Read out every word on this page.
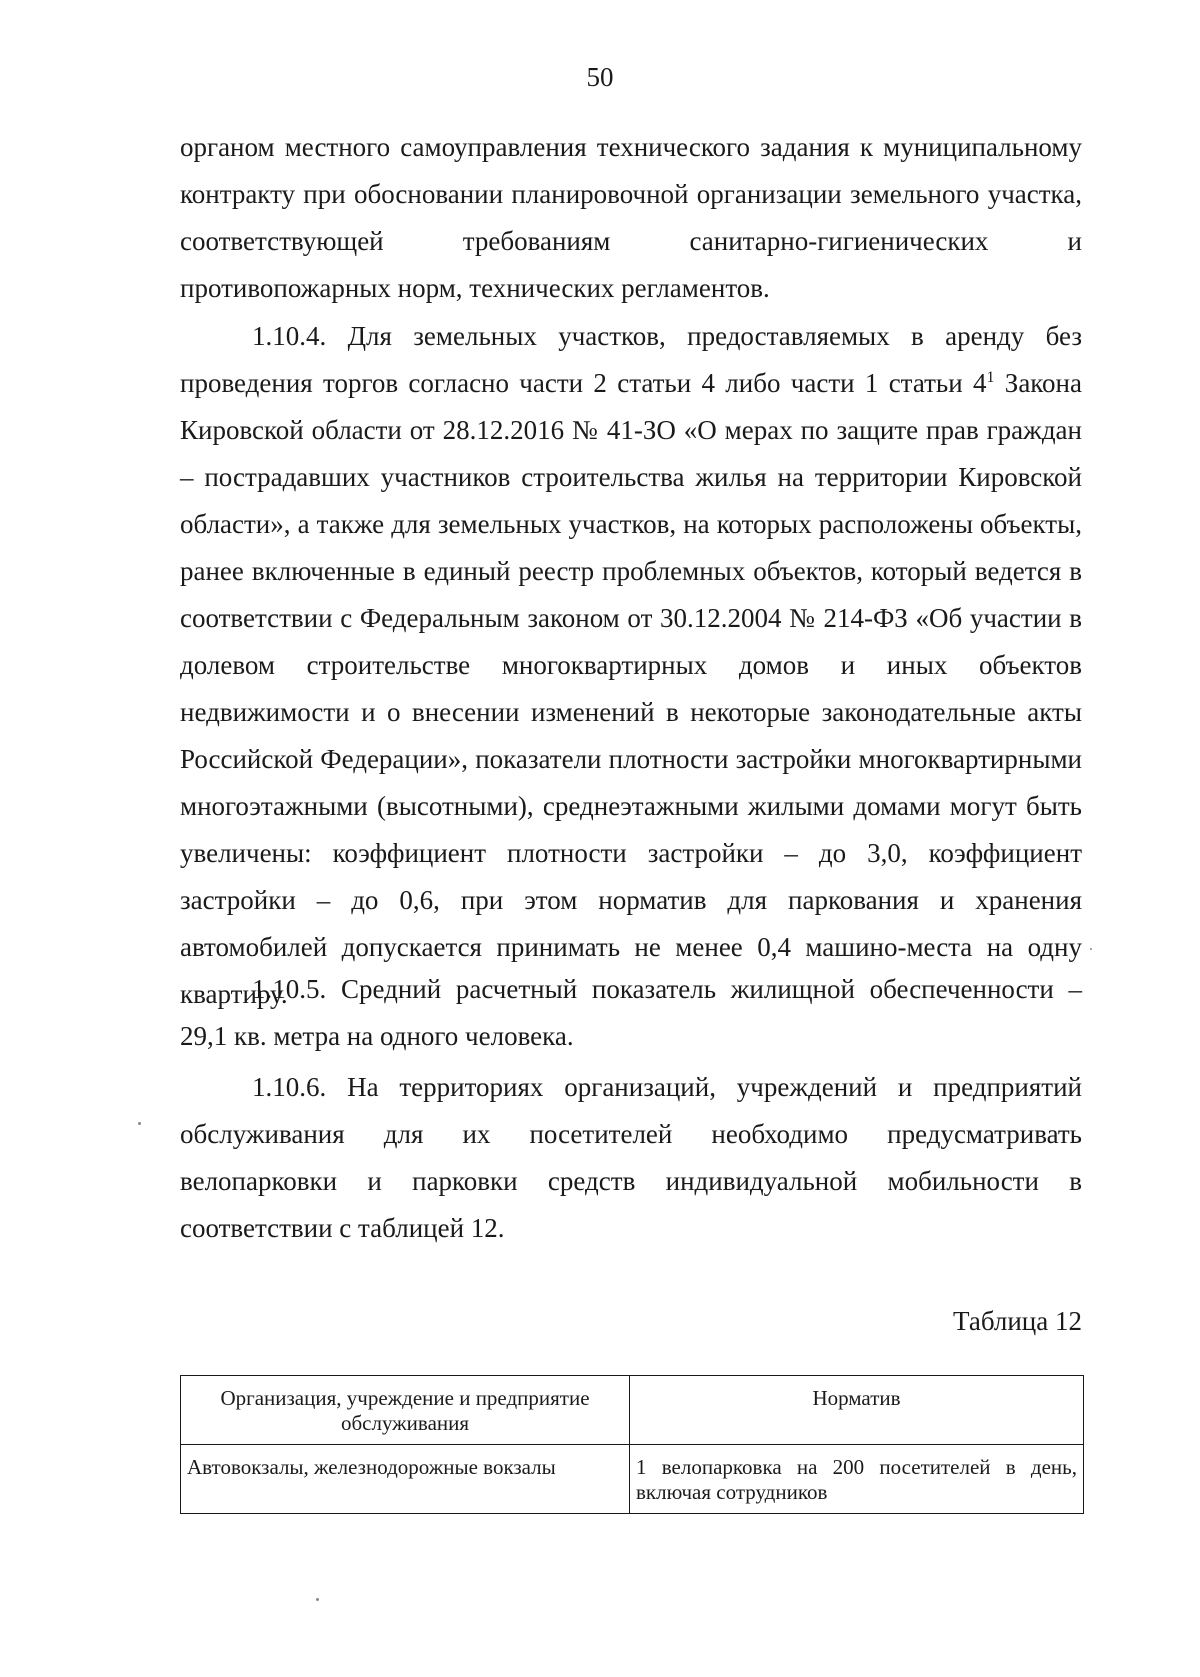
50

органом местного самоуправления технического задания к муниципальному контракту при обосновании планировочной организации земельного участка, соответствующей требованиям санитарно-гигиенических и

противопожарных норм, технических регламентов.

1.10.4. Для земельных участков, предоставляемых в аренду без проведения торгов согласно части 2 статьи 4 либо части 1 статьи $4^1$ Закона Кировской области от 28.12.2016 № 41-ЗО «О мерах по защите прав граждан – пострадавших участников строительства жилья на территории Кировской области», а также для земельных участков, на которых расположены объекты, ранее включенные в единый реестр проблемных объектов, который ведется в соответствии с Федеральным законом от 30.12.2004 № 214-ФЗ «Об участии в долевом строительстве многоквартирных домов и иных объектов недвижимости и о внесении изменений в некоторые законодательные акты Российской Федерации», показатели плотности застройки многоквартирными многоэтажными (высотными), среднеэтажными жилыми домами могут быть увеличены: коэффициент плотности застройки – до 3,0, коэффициент застройки – до 0,6, при этом норматив для паркования и хранения автомобилей допускается принимать не менее 0,4 машино-места на одну квартиру.

1.10.5. Средний расчетный показатель жилищной обеспеченности – 29,1 кв. метра на одного человека.

1.10.6. На территориях организаций, учреждений и предприятий обслуживания для их посетителей необходимо предусматривать велопарковки и парковки средств индивидуальной мобильности в соответствии с таблицей 12.

Таблица 12
Организация, учреждение и предприятие обслуживания	Норматив
Автовокзалы, железнодорожные вокзалы	1 велопарковка на 200 посетителей в день, включая сотрудников
